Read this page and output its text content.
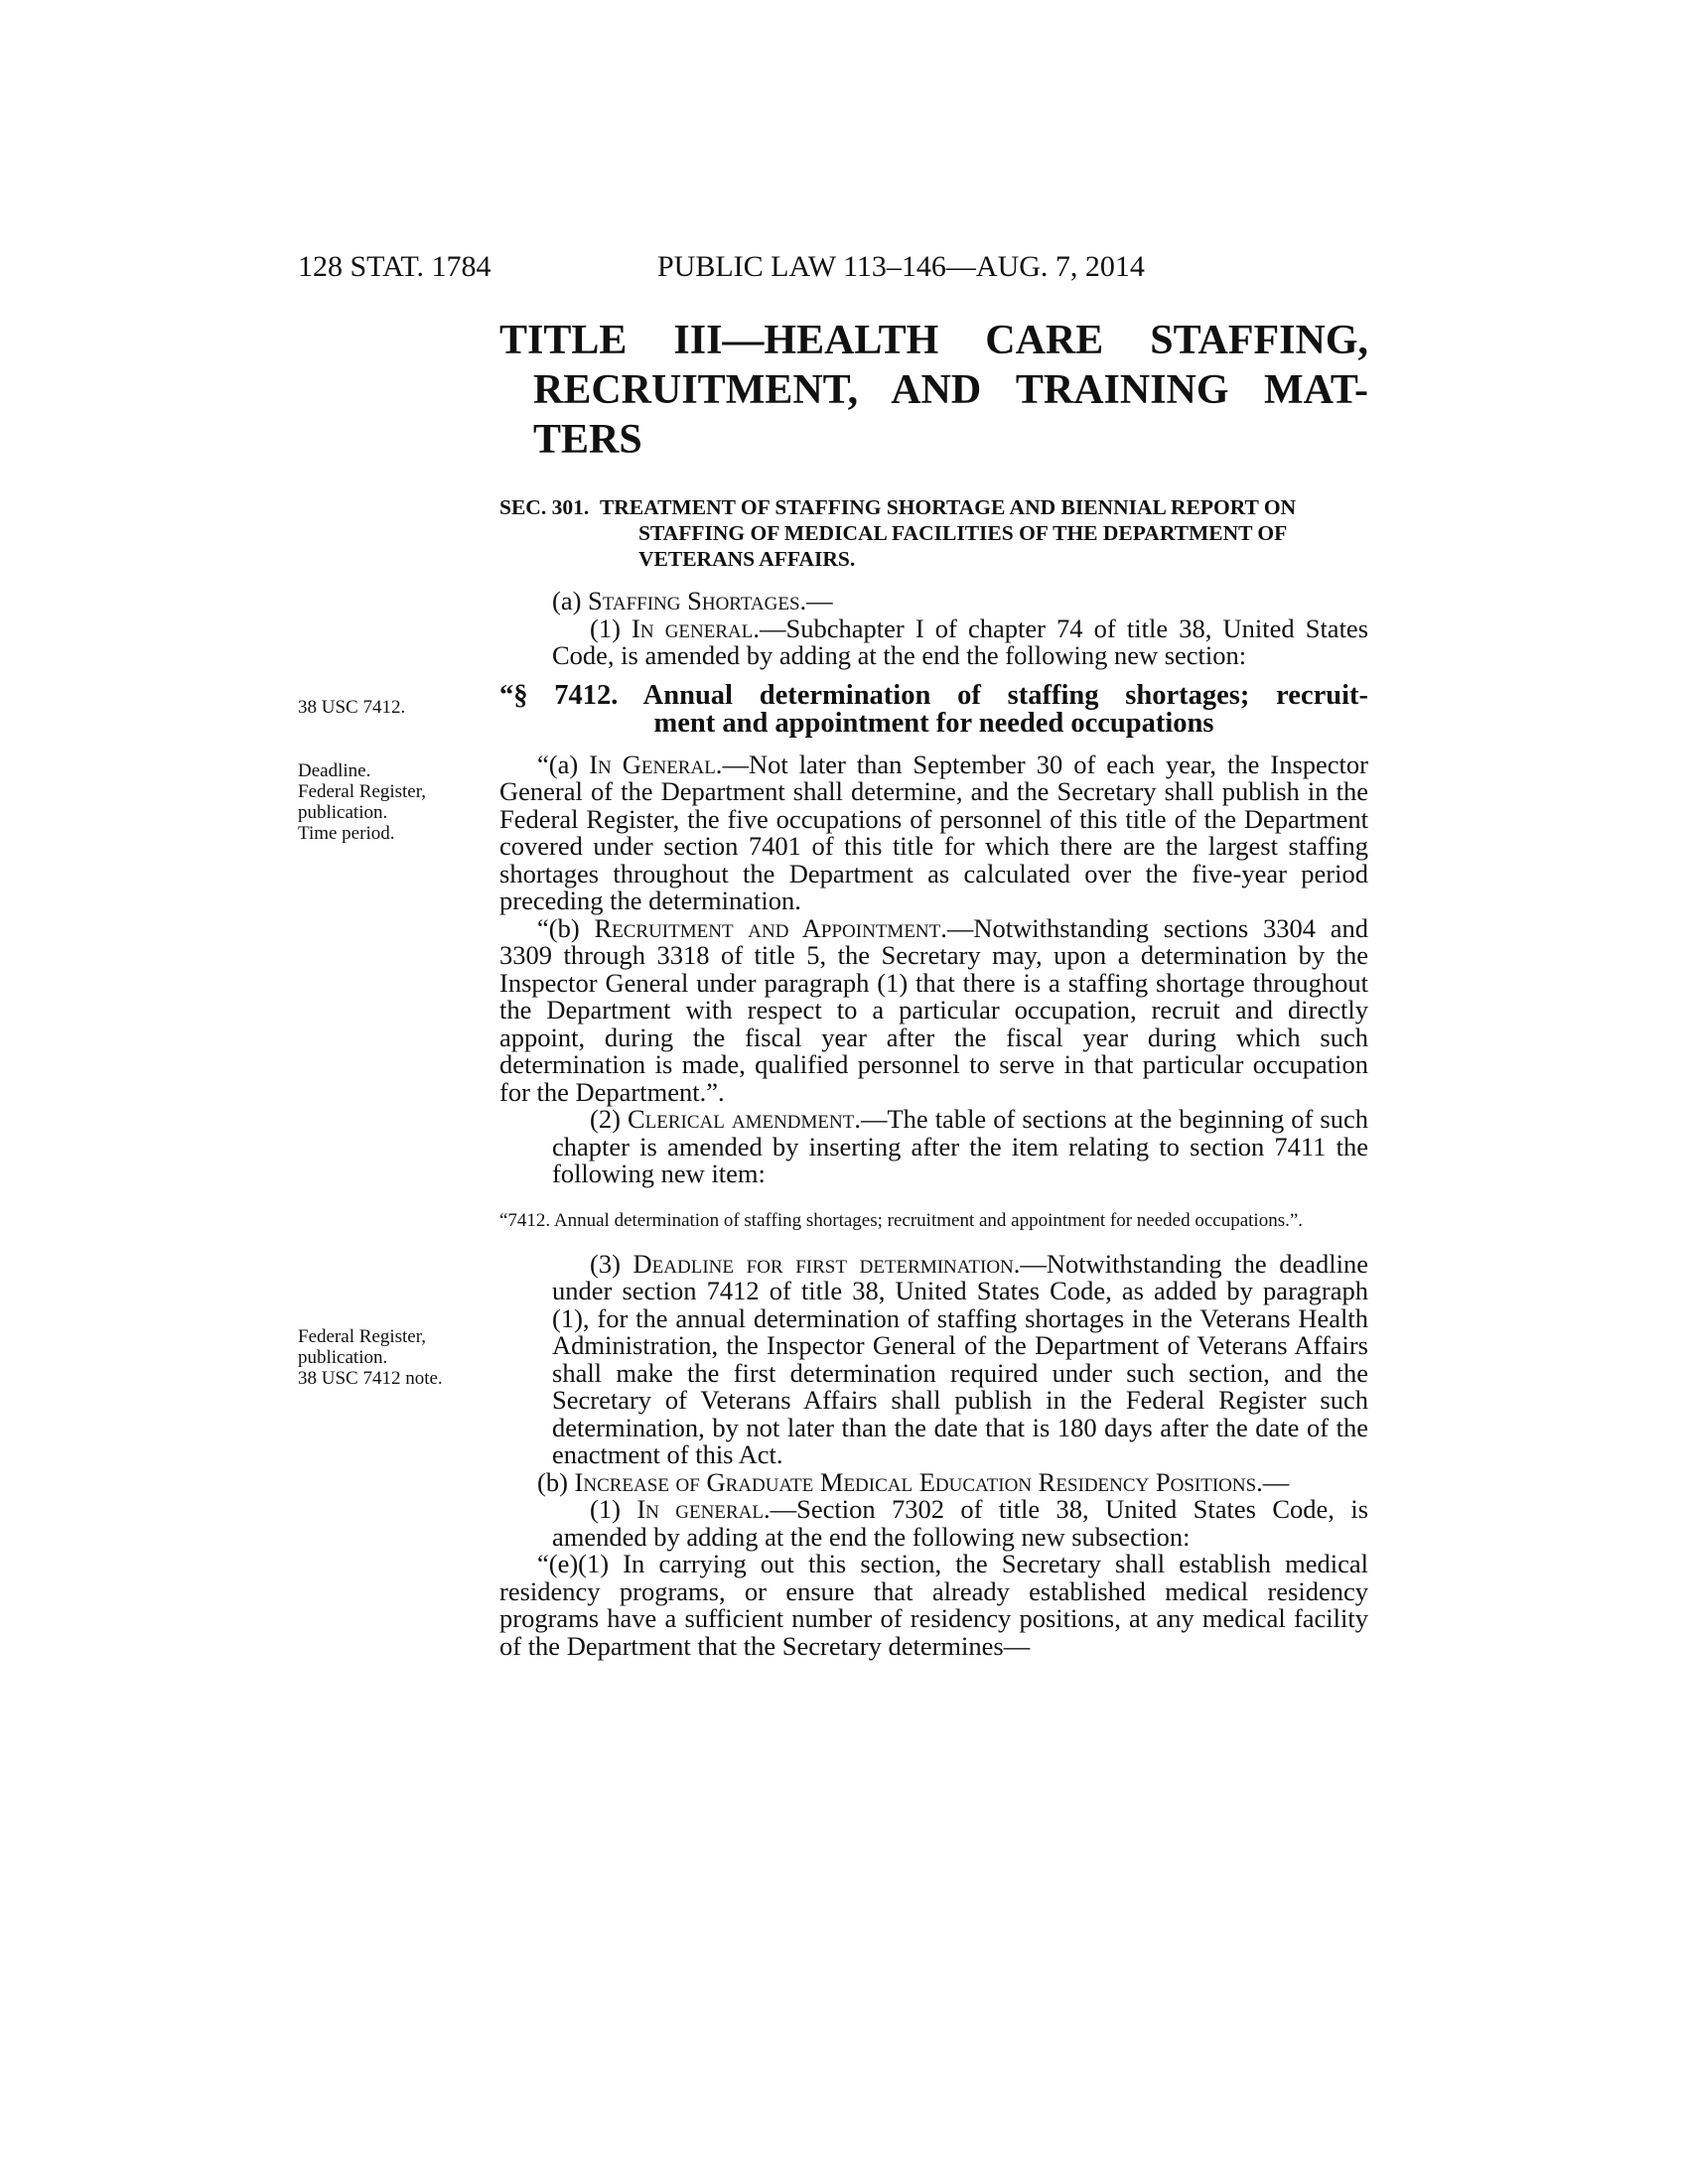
128 STAT. 1784	PUBLIC LAW 113–146—AUG. 7, 2014
38 USC 7412.
Deadline.
Federal Register, publication.
Time period.
Federal Register, publication.
38 USC 7412 note.
TITLE III—HEALTH CARE STAFFING,
RECRUITMENT, AND TRAINING MAT-
TERS
SEC. 301. TREATMENT OF STAFFING SHORTAGE AND BIENNIAL REPORT ON STAFFING OF MEDICAL FACILITIES OF THE DEPARTMENT OF VETERANS AFFAIRS.

(a) Staffing Shortages.—

(1) In general.—Subchapter I of chapter 74 of title 38, United States Code, is amended by adding at the end the following new section:

“§ 7412. Annual determination of staffing shortages; recruit-
ment and appointment for needed occupations

“(a) In General.—Not later than September 30 of each year, the Inspector General of the Department shall determine, and the Secretary shall publish in the Federal Register, the five occupations of personnel of this title of the Department covered under section 7401 of this title for which there are the largest staffing shortages throughout the Department as calculated over the five-year period preceding the determination.

“(b) Recruitment and Appointment.—Notwithstanding sections 3304 and 3309 through 3318 of title 5, the Secretary may, upon a determination by the Inspector General under paragraph (1) that there is a staffing shortage throughout the Department with respect to a particular occupation, recruit and directly appoint, during the fiscal year after the fiscal year during which such determination is made, qualified personnel to serve in that particular occupation for the Department.”.

(2) Clerical amendment.—The table of sections at the beginning of such chapter is amended by inserting after the item relating to section 7411 the following new item:

“7412. Annual determination of staffing shortages; recruitment and appointment for needed occupations.”.

(3) Deadline for first determination.—Notwithstanding the deadline under section 7412 of title 38, United States Code, as added by paragraph (1), for the annual determination of staffing shortages in the Veterans Health Administration, the Inspector General of the Department of Veterans Affairs shall make the first determination required under such section, and the Secretary of Veterans Affairs shall publish in the Federal Register such determination, by not later than the date that is 180 days after the date of the enactment of this Act.

(b) Increase of Graduate Medical Education Residency Positions.—

(1) In general.—Section 7302 of title 38, United States Code, is amended by adding at the end the following new subsection:

“(e)(1) In carrying out this section, the Secretary shall establish medical residency programs, or ensure that already established medical residency programs have a sufficient number of residency positions, at any medical facility of the Department that the Secretary determines—
